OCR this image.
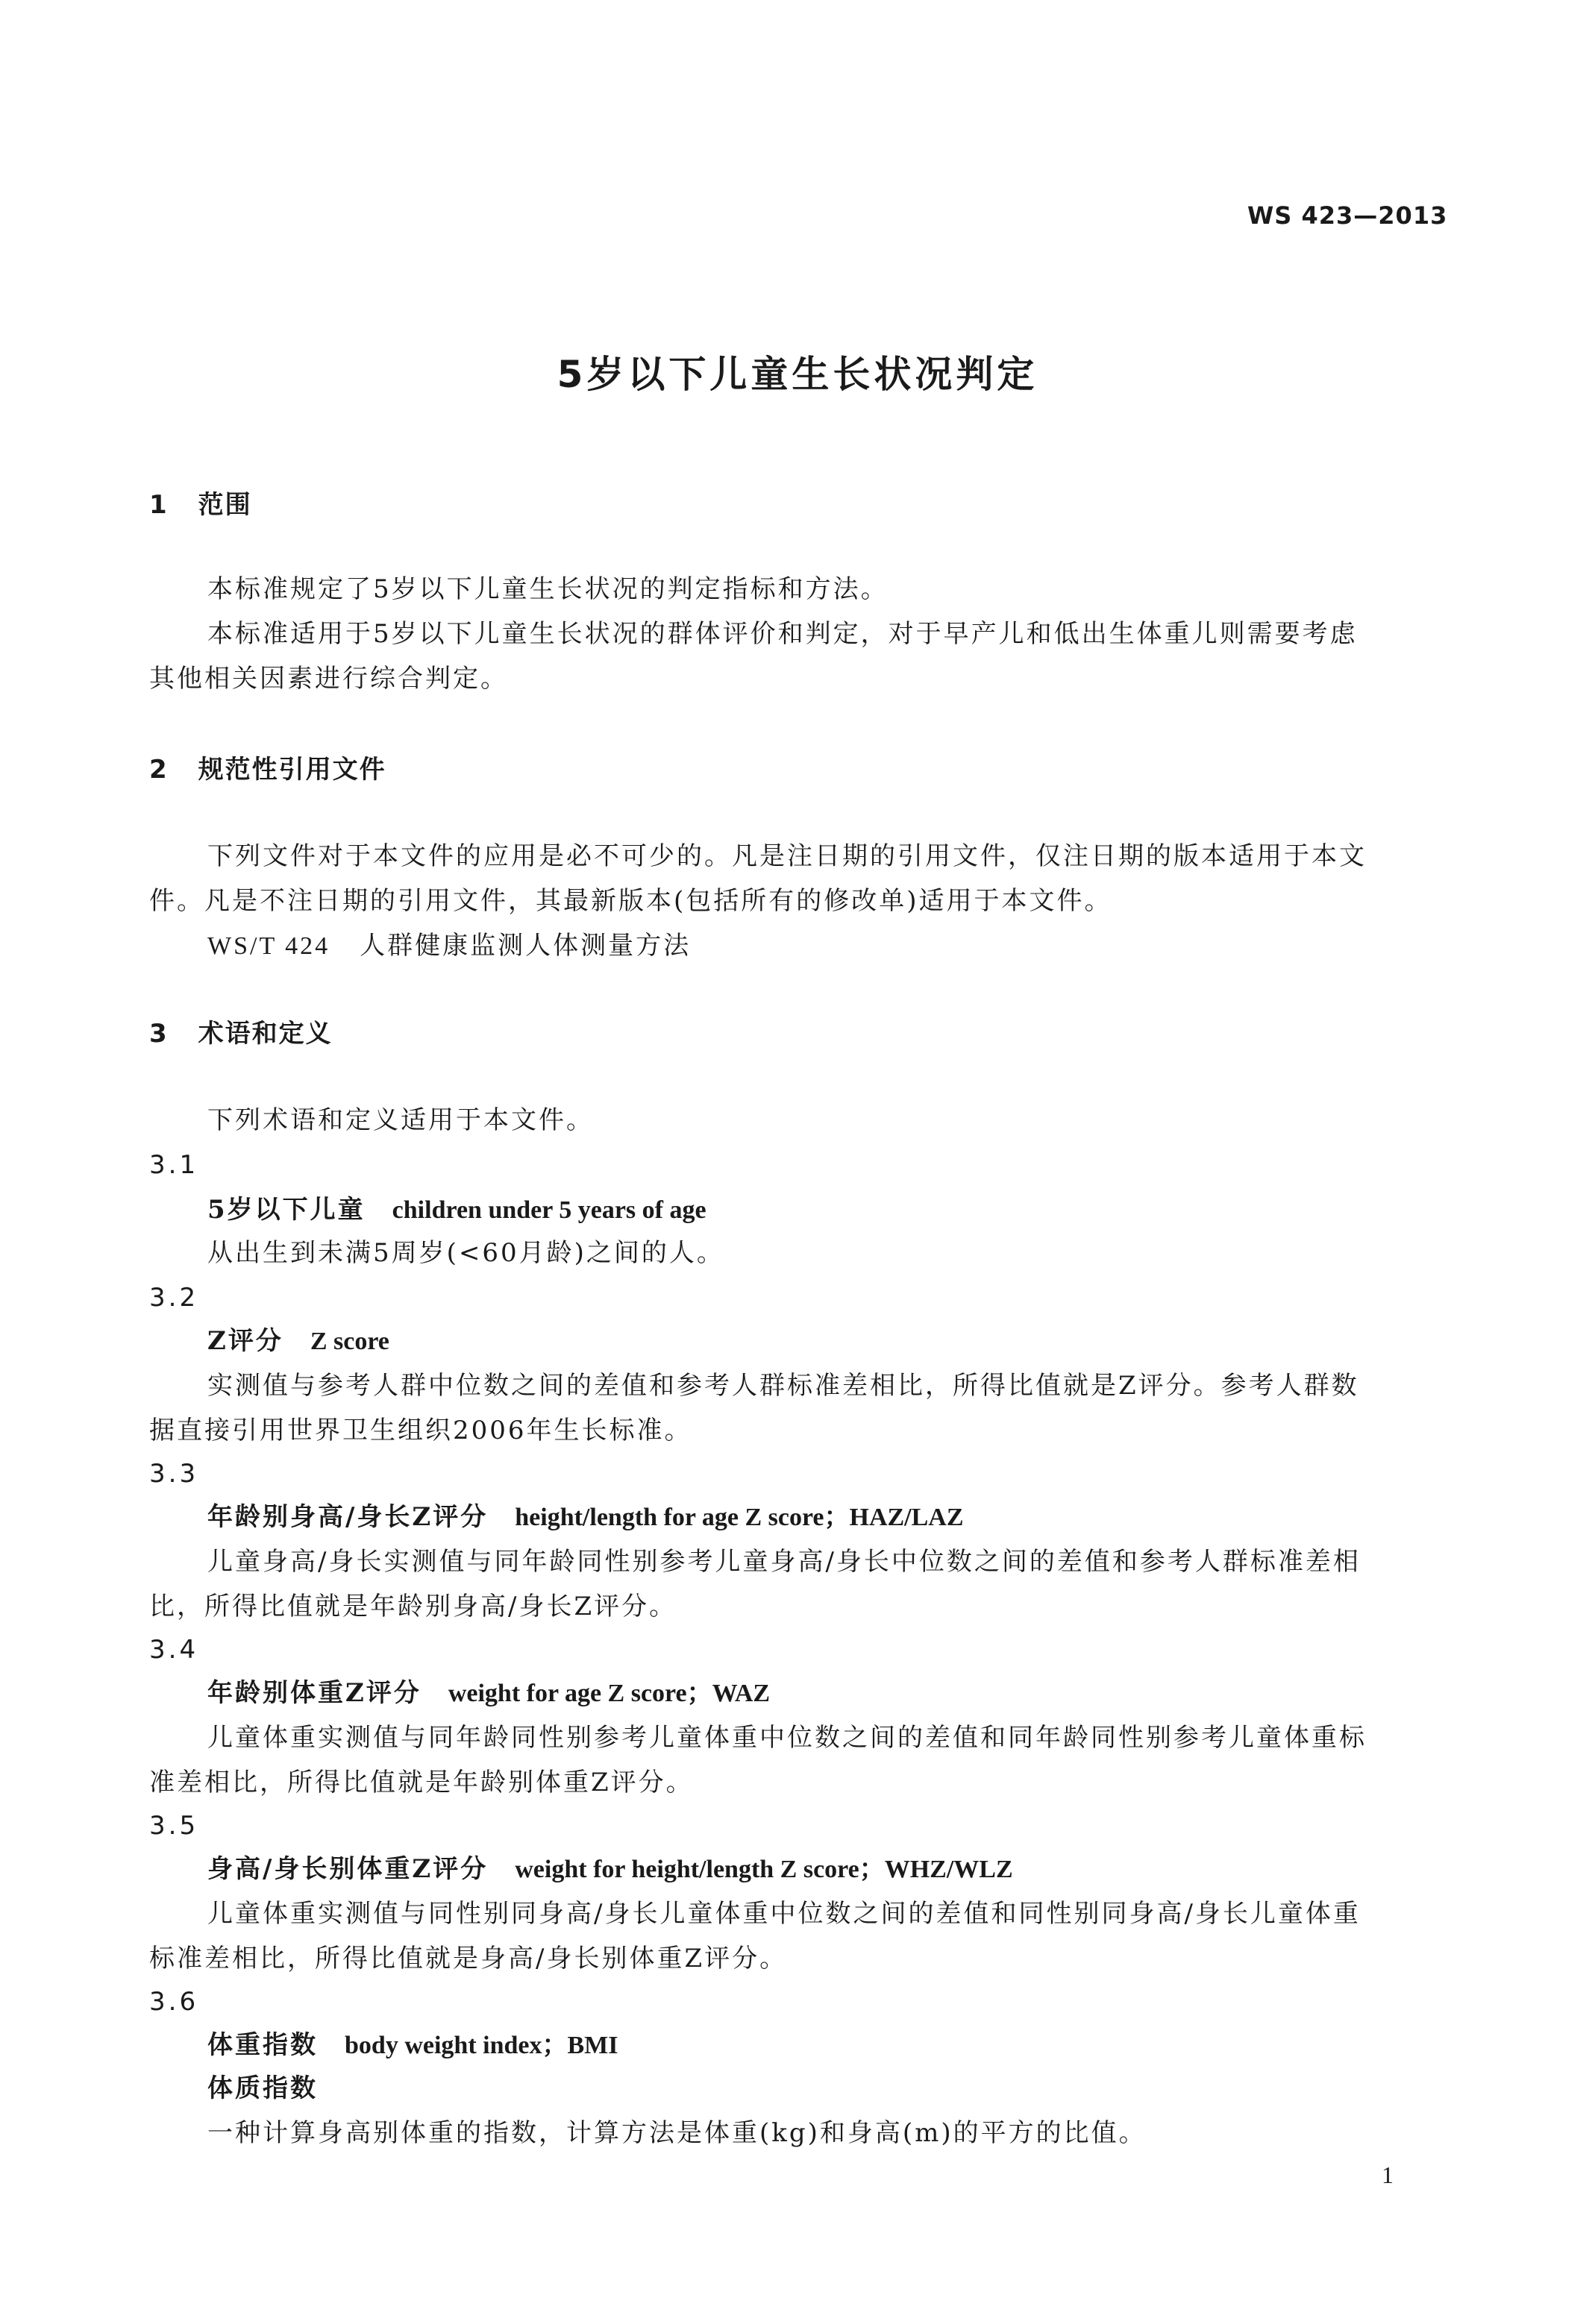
WS 423—2013
5岁以下儿童生长状况判定
1 范围
本标准规定了5岁以下儿童生长状况的判定指标和方法。
本标准适用于5岁以下儿童生长状况的群体评价和判定，对于早产儿和低出生体重儿则需要考虑
其他相关因素进行综合判定。
2 规范性引用文件
下列文件对于本文件的应用是必不可少的。凡是注日期的引用文件，仅注日期的版本适用于本文
件。凡是不注日期的引用文件，其最新版本(包括所有的修改单)适用于本文件。
WS/T 424 人群健康监测人体测量方法
3 术语和定义
下列术语和定义适用于本文件。
3.1
5岁以下儿童 children under 5 years of age
从出生到未满5周岁(<60月龄)之间的人。
3.2
Z评分 Z score
实测值与参考人群中位数之间的差值和参考人群标准差相比，所得比值就是Z评分。参考人群数
据直接引用世界卫生组织2006年生长标准。
3.3
年龄别身高/身长Z评分 height/length for age Z score；HAZ/LAZ
儿童身高/身长实测值与同年龄同性别参考儿童身高/身长中位数之间的差值和参考人群标准差相
比，所得比值就是年龄别身高/身长Z评分。
3.4
年龄别体重Z评分 weight for age Z score；WAZ
儿童体重实测值与同年龄同性别参考儿童体重中位数之间的差值和同年龄同性别参考儿童体重标
准差相比，所得比值就是年龄别体重Z评分。
3.5
身高/身长别体重Z评分 weight for height/length Z score；WHZ/WLZ
儿童体重实测值与同性别同身高/身长儿童体重中位数之间的差值和同性别同身高/身长儿童体重
标准差相比，所得比值就是身高/身长别体重Z评分。
3.6
体重指数 body weight index；BMI
体质指数
一种计算身高别体重的指数，计算方法是体重(kg)和身高(m)的平方的比值。
1
